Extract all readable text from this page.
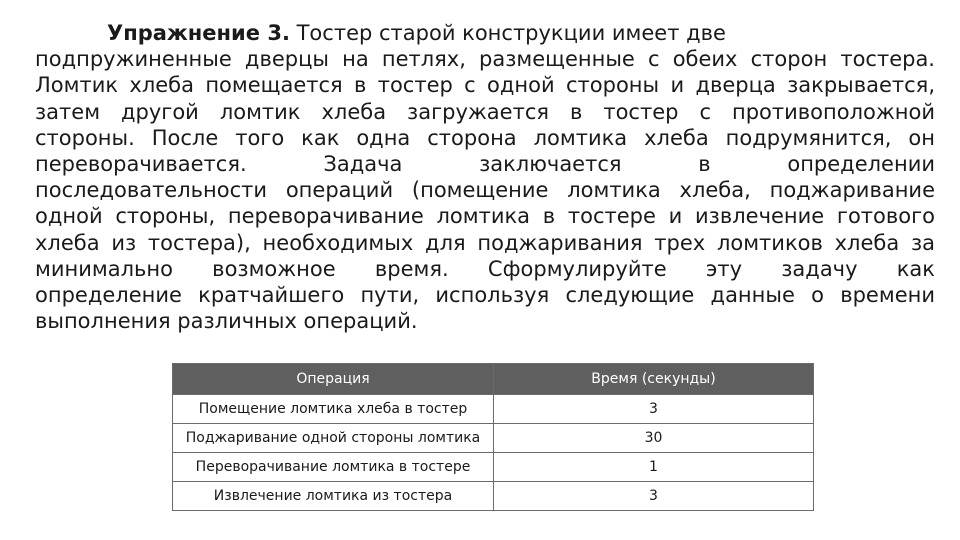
Упражнение 3. Тостер старой конструкции имеет две
подпружиненные дверцы на петлях, размещенные с обеих сторон тостера.
Ломтик хлеба помещается в тостер с одной стороны и дверца закрывается,
затем другой ломтик хлеба загружается в тостер с противоположной
стороны. После того как одна сторона ломтика хлеба подрумянится, он
переворачивается. Задача заключается в определении
последовательности операций (помещение ломтика хлеба, поджаривание
одной стороны, переворачивание ломтика в тостере и извлечение готового
хлеба из тостера), необходимых для поджаривания трех ломтиков хлеба за
минимально возможное время. Сформулируйте эту задачу как
определение кратчайшего пути, используя следующие данные о времени
выполнения различных операций.

Операция	Время (секунды)
Помещение ломтика хлеба в тостер	3
Поджаривание одной стороны ломтика	30
Переворачивание ломтика в тостере	1
Извлечение ломтика из тостера	3
